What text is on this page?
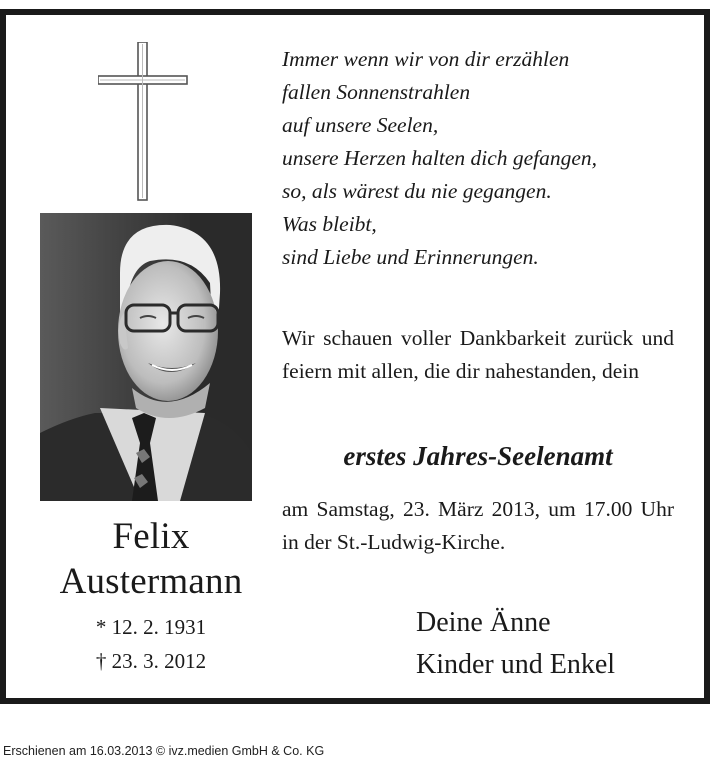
Felix
Austermann
* 12. 2. 1931
† 23. 3. 2012
Immer wenn wir von dir erzählen
fallen Sonnenstrahlen
auf unsere Seelen,
unsere Herzen halten dich gefangen,
so, als wärest du nie gegangen.
Was bleibt,
sind Liebe und Erinnerungen.
Wir schauen voller Dankbarkeit zurück und feiern mit allen, die dir nahestanden, dein
erstes Jahres-Seelenamt
am Samstag, 23. März 2013, um 17.00 Uhr in der St.-Ludwig-Kirche.
Deine Änne
Kinder und Enkel
Erschienen am 16.03.2013 © ivz.medien GmbH & Co. KG
